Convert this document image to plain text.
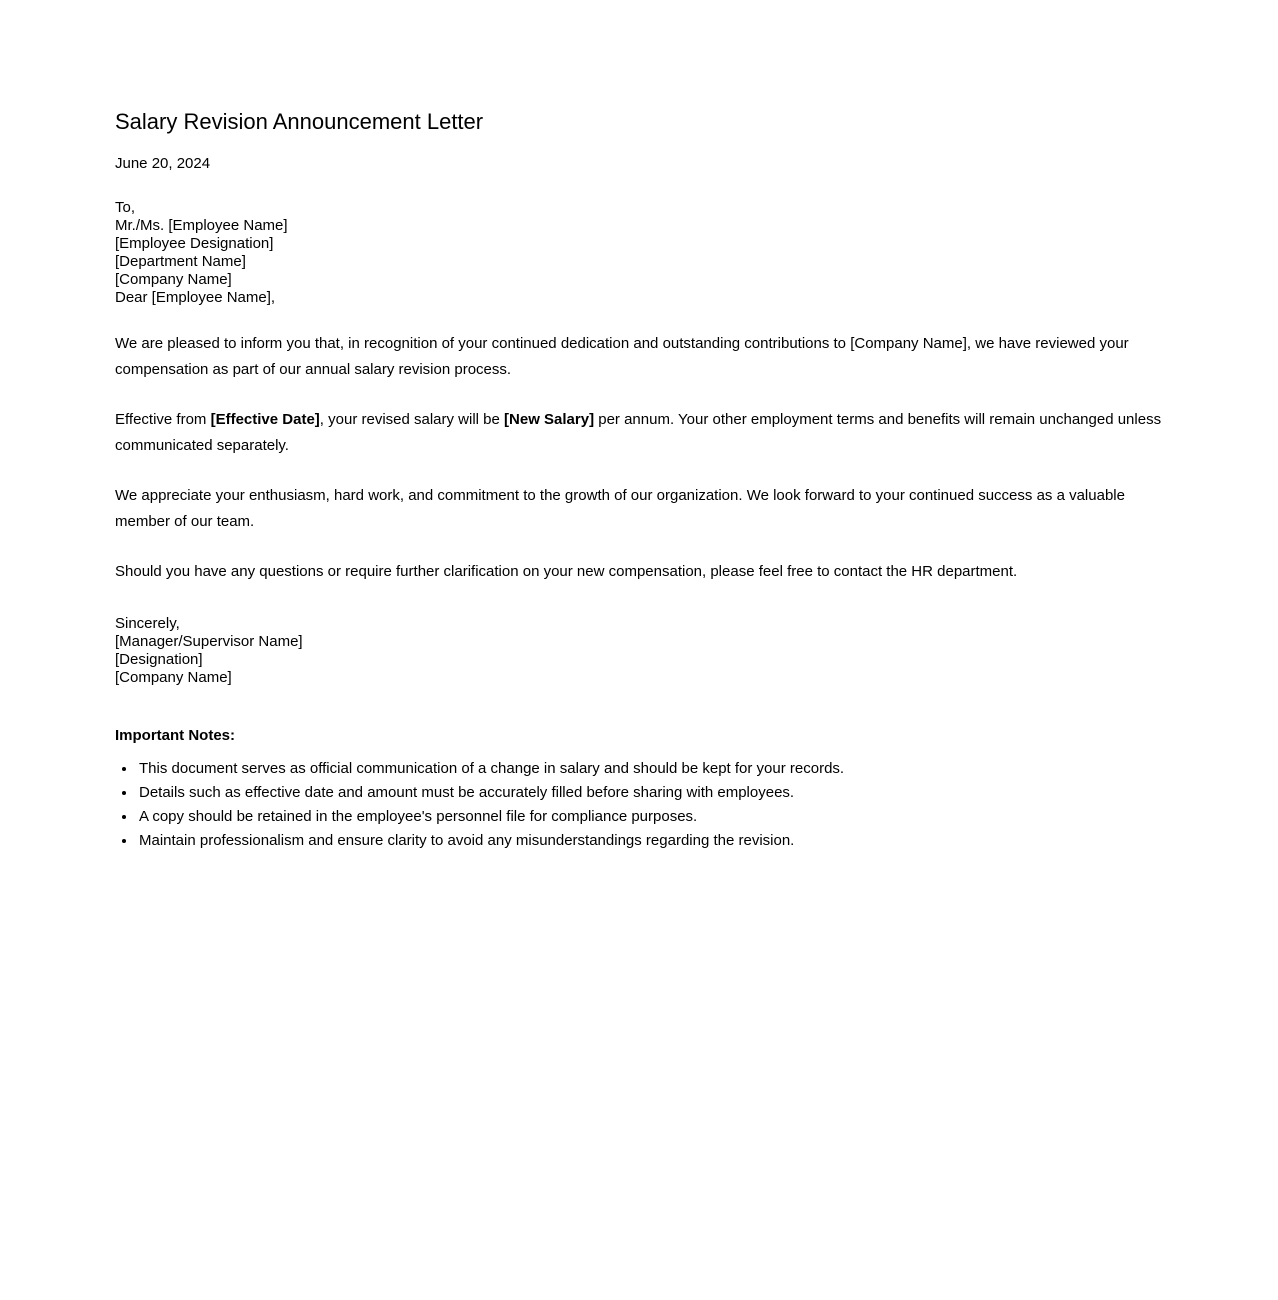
Salary Revision Announcement Letter

June 20, 2024

To,
Mr./Ms. [Employee Name]
[Employee Designation]
[Department Name]
[Company Name]
Dear [Employee Name],

We are pleased to inform you that, in recognition of your continued dedication and outstanding contributions to [Company Name], we have reviewed your compensation as part of our annual salary revision process.

Effective from [Effective Date], your revised salary will be [New Salary] per annum. Your other employment terms and benefits will remain unchanged unless communicated separately.

We appreciate your enthusiasm, hard work, and commitment to the growth of our organization. We look forward to your continued success as a valuable member of our team.

Should you have any questions or require further clarification on your new compensation, please feel free to contact the HR department.

Sincerely,
[Manager/Supervisor Name]
[Designation]
[Company Name]

Important Notes:

• This document serves as official communication of a change in salary and should be kept for your records.
• Details such as effective date and amount must be accurately filled before sharing with employees.
• A copy should be retained in the employee's personnel file for compliance purposes.
• Maintain professionalism and ensure clarity to avoid any misunderstandings regarding the revision.
